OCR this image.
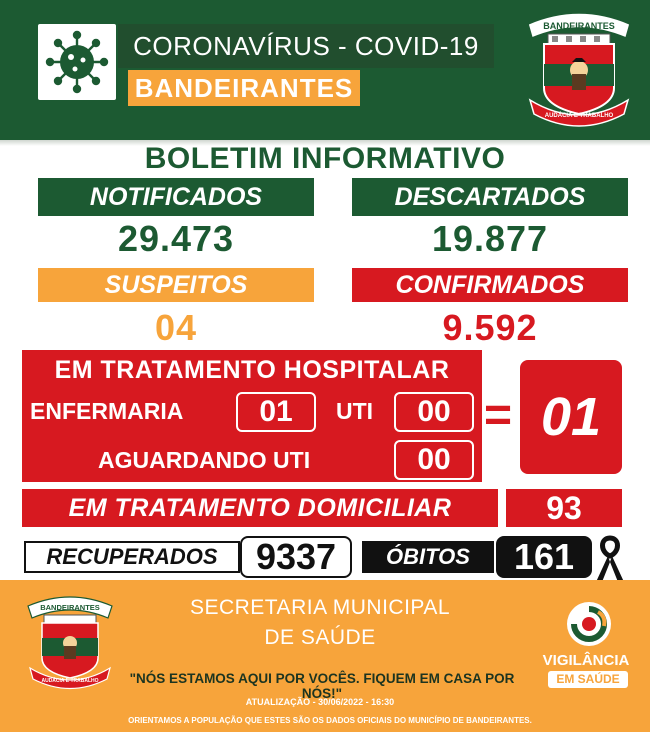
CORONAVÍRUS - COVID-19
BANDEIRANTES
BANDEIRANTES
AUDÁCIA E TRABALHO
BOLETIM INFORMATIVO
NOTIFICADOS	DESCARTADOS
29.473	19.877
SUSPEITOS	CONFIRMADOS
04	9.592
EM TRATAMENTO HOSPITALAR
ENFERMARIA	01	UTI	00
AGUARDANDO UTI	00
= 01
EM TRATAMENTO DOMICILIAR	93
RECUPERADOS	9337	ÓBITOS	161
BANDEIRANTES
AUDÁCIA E TRABALHO
SECRETARIA MUNICIPAL
DE SAÚDE
"NÓS ESTAMOS AQUI POR VOCÊS. FIQUEM EM CASA POR NÓS!"
ATUALIZAÇÃO - 30/06/2022 - 16:30
ORIENTAMOS A POPULAÇÃO QUE ESTES SÃO OS DADOS OFICIAIS DO MUNICÍPIO DE BANDEIRANTES.
VIGILÂNCIA
EM SAÚDE
